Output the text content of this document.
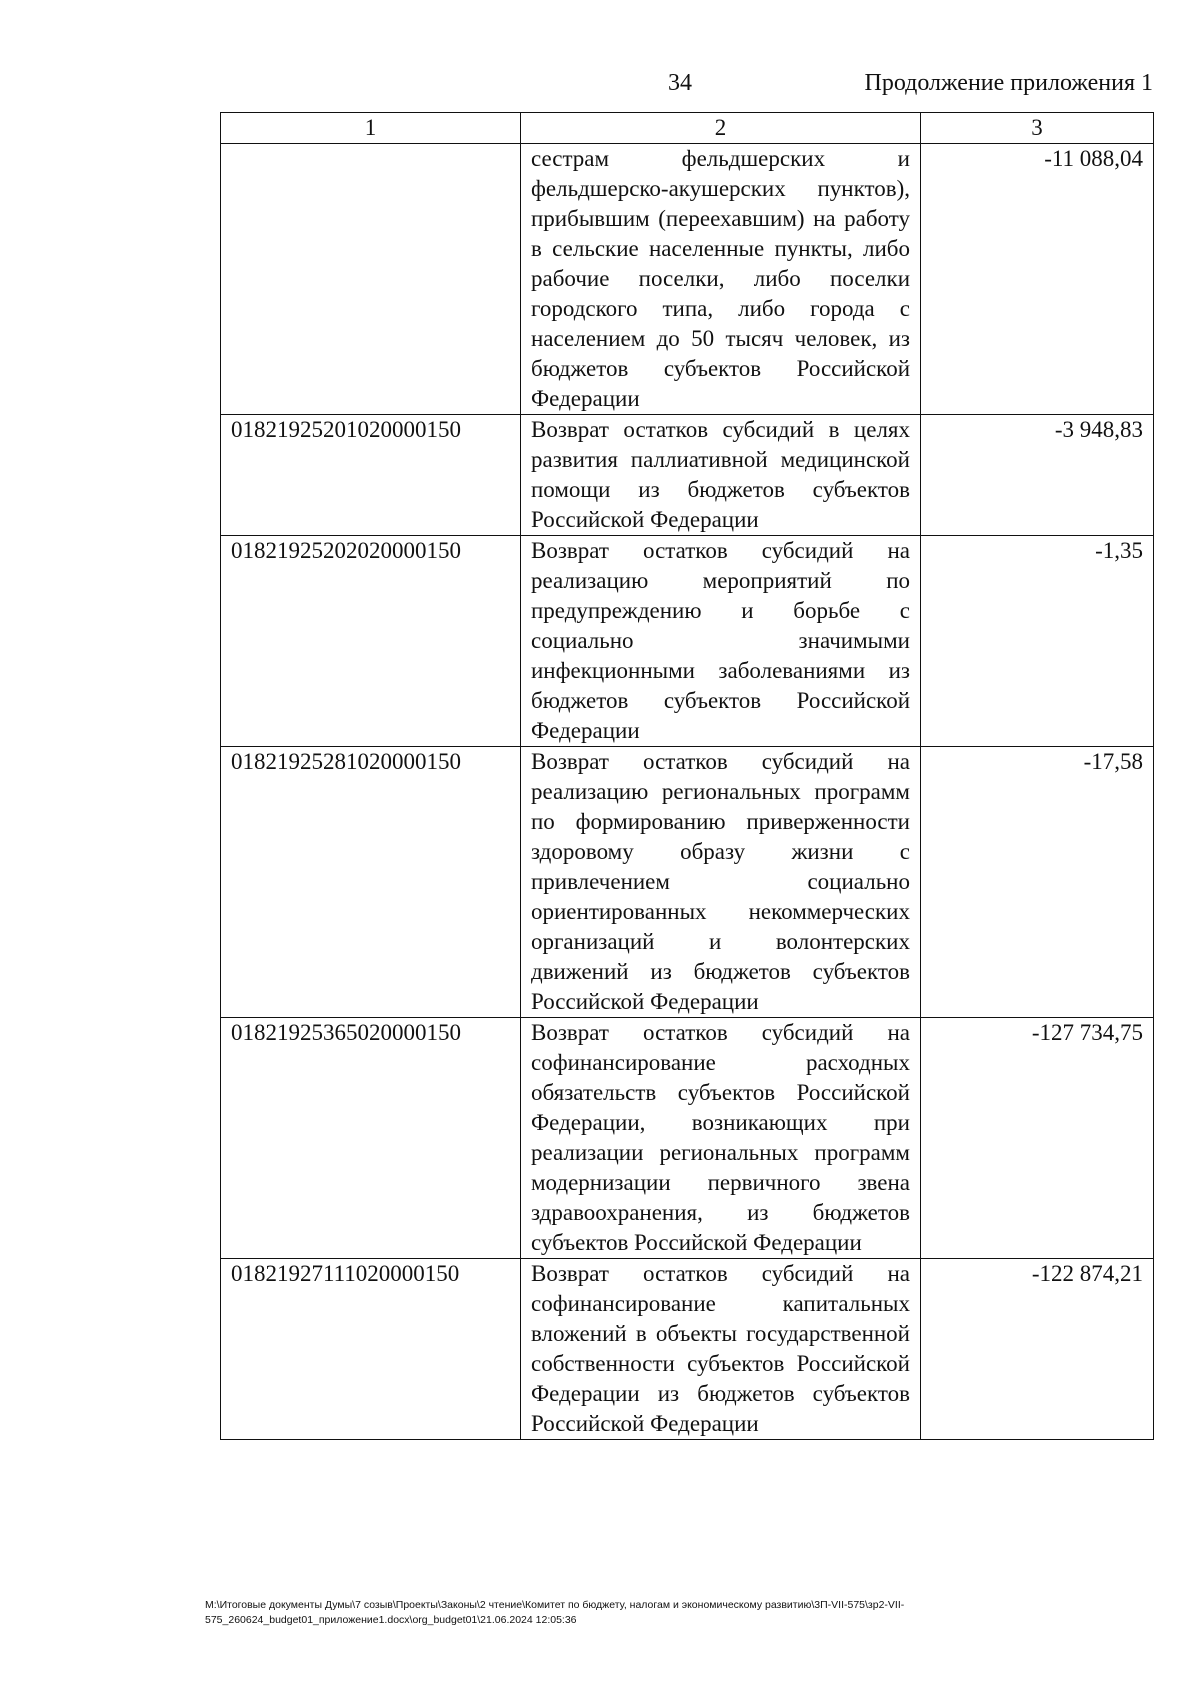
34	Продолжение приложения 1
1	2	3
	сестрам фельдшерских и фельдшерско-акушерских пунктов), прибывшим (переехавшим) на работу в сельские населенные пункты, либо рабочие поселки, либо поселки городского типа, либо города с населением до 50 тысяч человек, из бюджетов субъектов Российской Федерации	-11 088,04
01821925201020000150	Возврат остатков субсидий в целях развития паллиативной медицинской помощи из бюджетов субъектов Российской Федерации	-3 948,83
01821925202020000150	Возврат остатков субсидий на реализацию мероприятий по предупреждению и борьбе с социально значимыми инфекционными заболеваниями из бюджетов субъектов Российской Федерации	-1,35
01821925281020000150	Возврат остатков субсидий на реализацию региональных программ по формированию приверженности здоровому образу жизни с привлечением социально ориентированных некоммерческих организаций и волонтерских движений из бюджетов субъектов Российской Федерации	-17,58
01821925365020000150	Возврат остатков субсидий на софинансирование расходных обязательств субъектов Российской Федерации, возникающих при реализации региональных программ модернизации первичного звена здравоохранения, из бюджетов субъектов Российской Федерации	-127 734,75
01821927111020000150	Возврат остатков субсидий на софинансирование капитальных вложений в объекты государственной собственности субъектов Российской Федерации из бюджетов субъектов Российской Федерации	-122 874,21
M:\Итоговые документы Думы\7 созыв\Проекты\Законы\2 чтение\Комитет по бюджету, налогам и экономическому развитию\3П-VII-575\зр2-VII-575_260624_budget01_приложение1.docx\org_budget01\21.06.2024 12:05:36
